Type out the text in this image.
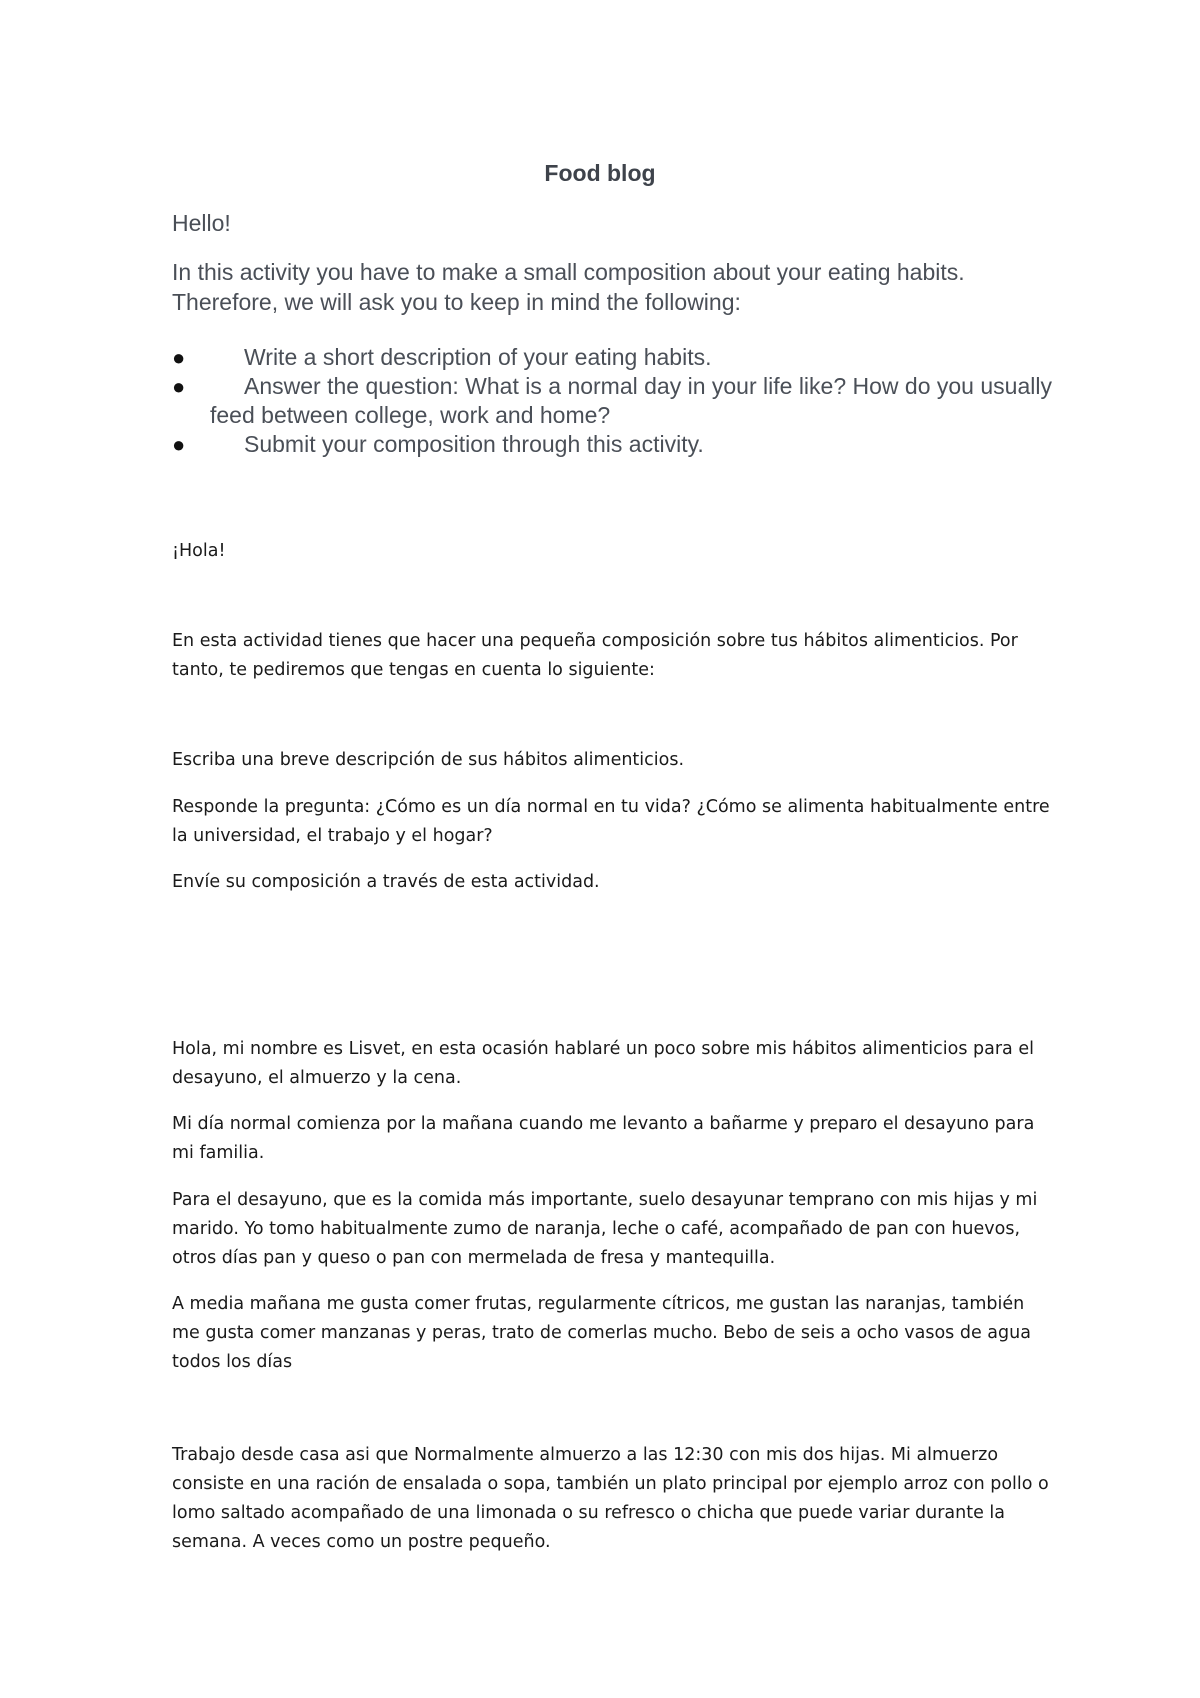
Food blog

Hello!

In this activity you have to make a small composition about your eating habits. Therefore, we will ask you to keep in mind the following:

●	Write a short description of your eating habits.
●	Answer the question: What is a normal day in your life like? How do you usually feed between college, work and home?
●	Submit your composition through this activity.

¡Hola!

En esta actividad tienes que hacer una pequeña composición sobre tus hábitos alimenticios. Por tanto, te pediremos que tengas en cuenta lo siguiente:

Escriba una breve descripción de sus hábitos alimenticios.

Responde la pregunta: ¿Cómo es un día normal en tu vida? ¿Cómo se alimenta habitualmente entre la universidad, el trabajo y el hogar?

Envíe su composición a través de esta actividad.

Hola, mi nombre es Lisvet, en esta ocasión hablaré un poco sobre mis hábitos alimenticios para el desayuno, el almuerzo y la cena.

Mi día normal comienza por la mañana cuando me levanto a bañarme y preparo el desayuno para mi familia.

Para el desayuno, que es la comida más importante, suelo desayunar temprano con mis hijas y mi marido. Yo tomo habitualmente zumo de naranja, leche o café, acompañado de pan con huevos, otros días pan y queso o pan con mermelada de fresa y mantequilla.

A media mañana me gusta comer frutas, regularmente cítricos, me gustan las naranjas, también me gusta comer manzanas y peras, trato de comerlas mucho. Bebo de seis a ocho vasos de agua todos los días

Trabajo desde casa asi que Normalmente almuerzo a las 12:30 con mis dos hijas. Mi almuerzo consiste en una ración de ensalada o sopa, también un plato principal por ejemplo arroz con pollo o lomo saltado acompañado de una limonada o su refresco o chicha que puede variar durante la semana. A veces como un postre pequeño.
